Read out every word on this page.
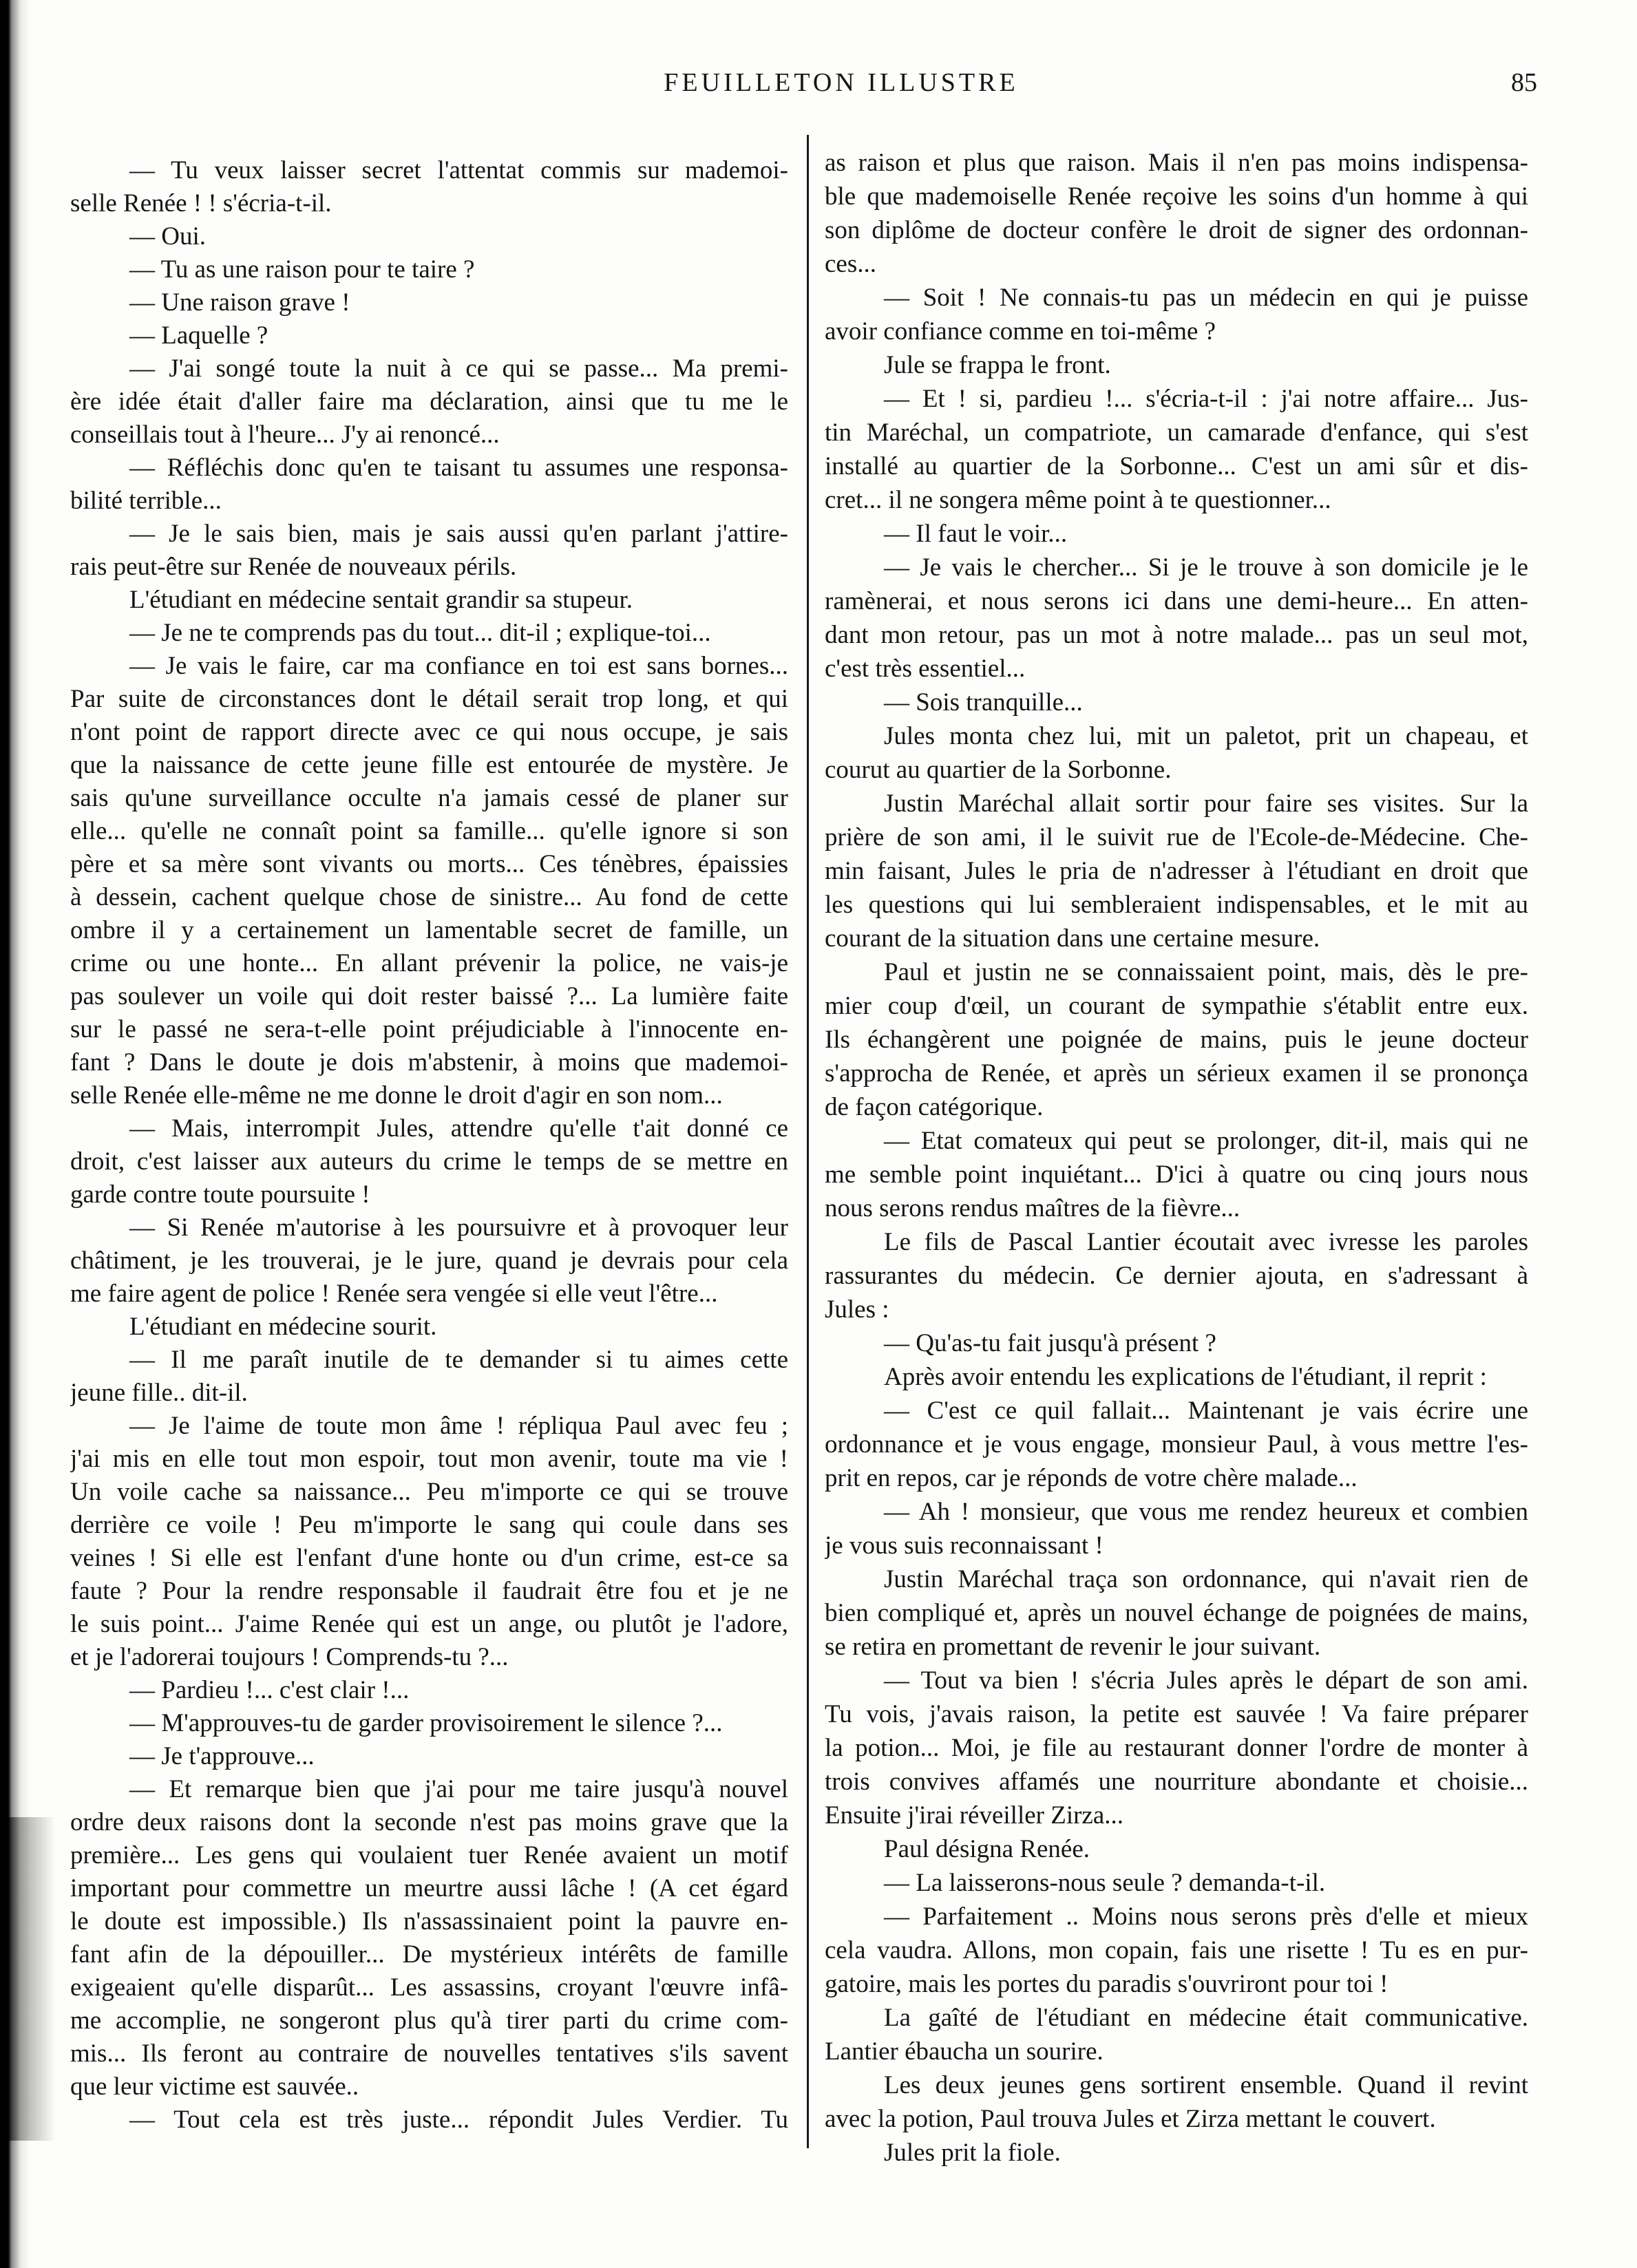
FEUILLETON ILLUSTRE	85
— Tu veux laisser secret l'attentat commis sur mademoi-
selle Renée ! ! s'écria-t-il.
— Oui.
— Tu as une raison pour te taire ?
— Une raison grave !
— Laquelle ?
— J'ai songé toute la nuit à ce qui se passe... Ma premi-
ère idée était d'aller faire ma déclaration, ainsi que tu me le
conseillais tout à l'heure... J'y ai renoncé...
— Réfléchis donc qu'en te taisant tu assumes une responsa-
bilité terrible...
— Je le sais bien, mais je sais aussi qu'en parlant j'attire-
rais peut-être sur Renée de nouveaux périls.
L'étudiant en médecine sentait grandir sa stupeur.
— Je ne te comprends pas du tout... dit-il ; explique-toi...
— Je vais le faire, car ma confiance en toi est sans bornes...
Par suite de circonstances dont le détail serait trop long, et qui
n'ont point de rapport directe avec ce qui nous occupe, je sais
que la naissance de cette jeune fille est entourée de mystère. Je
sais qu'une surveillance occulte n'a jamais cessé de planer sur
elle... qu'elle ne connaît point sa famille... qu'elle ignore si son
père et sa mère sont vivants ou morts... Ces ténèbres, épaissies
à dessein, cachent quelque chose de sinistre... Au fond de cette
ombre il y a certainement un lamentable secret de famille, un
crime ou une honte... En allant prévenir la police, ne vais-je
pas soulever un voile qui doit rester baissé ?... La lumière faite
sur le passé ne sera-t-elle point préjudiciable à l'innocente en-
fant ? Dans le doute je dois m'abstenir, à moins que mademoi-
selle Renée elle-même ne me donne le droit d'agir en son nom...
— Mais, interrompit Jules, attendre qu'elle t'ait donné ce
droit, c'est laisser aux auteurs du crime le temps de se mettre en
garde contre toute poursuite !
— Si Renée m'autorise à les poursuivre et à provoquer leur
châtiment, je les trouverai, je le jure, quand je devrais pour cela
me faire agent de police ! Renée sera vengée si elle veut l'être...
L'étudiant en médecine sourit.
— Il me paraît inutile de te demander si tu aimes cette
jeune fille.. dit-il.
— Je l'aime de toute mon âme ! répliqua Paul avec feu ;
j'ai mis en elle tout mon espoir, tout mon avenir, toute ma vie !
Un voile cache sa naissance... Peu m'importe ce qui se trouve
derrière ce voile ! Peu m'importe le sang qui coule dans ses
veines ! Si elle est l'enfant d'une honte ou d'un crime, est-ce sa
faute ? Pour la rendre responsable il faudrait être fou et je ne
le suis point... J'aime Renée qui est un ange, ou plutôt je l'adore,
et je l'adorerai toujours ! Comprends-tu ?...
— Pardieu !... c'est clair !...
— M'approuves-tu de garder provisoirement le silence ?...
— Je t'approuve...
— Et remarque bien que j'ai pour me taire jusqu'à nouvel
ordre deux raisons dont la seconde n'est pas moins grave que la
première... Les gens qui voulaient tuer Renée avaient un motif
important pour commettre un meurtre aussi lâche ! (A cet égard
le doute est impossible.) Ils n'assassinaient point la pauvre en-
fant afin de la dépouiller... De mystérieux intérêts de famille
exigeaient qu'elle disparût... Les assassins, croyant l'œuvre infâ-
me accomplie, ne songeront plus qu'à tirer parti du crime com-
mis... Ils feront au contraire de nouvelles tentatives s'ils savent
que leur victime est sauvée..
— Tout cela est très juste... répondit Jules Verdier. Tu
as raison et plus que raison. Mais il n'en pas moins indispensa-
ble que mademoiselle Renée reçoive les soins d'un homme à qui
son diplôme de docteur confère le droit de signer des ordonnan-
ces...
— Soit ! Ne connais-tu pas un médecin en qui je puisse
avoir confiance comme en toi-même ?
Jule se frappa le front.
— Et ! si, pardieu !... s'écria-t-il : j'ai notre affaire... Jus-
tin Maréchal, un compatriote, un camarade d'enfance, qui s'est
installé au quartier de la Sorbonne... C'est un ami sûr et dis-
cret... il ne songera même point à te questionner...
— Il faut le voir...
— Je vais le chercher... Si je le trouve à son domicile je le
ramènerai, et nous serons ici dans une demi-heure... En atten-
dant mon retour, pas un mot à notre malade... pas un seul mot,
c'est très essentiel...
— Sois tranquille...
Jules monta chez lui, mit un paletot, prit un chapeau, et
courut au quartier de la Sorbonne.
Justin Maréchal allait sortir pour faire ses visites. Sur la
prière de son ami, il le suivit rue de l'Ecole-de-Médecine. Che-
min faisant, Jules le pria de n'adresser à l'étudiant en droit que
les questions qui lui sembleraient indispensables, et le mit au
courant de la situation dans une certaine mesure.
Paul et justin ne se connaissaient point, mais, dès le pre-
mier coup d'œil, un courant de sympathie s'établit entre eux.
Ils échangèrent une poignée de mains, puis le jeune docteur
s'approcha de Renée, et après un sérieux examen il se prononça
de façon catégorique.
— Etat comateux qui peut se prolonger, dit-il, mais qui ne
me semble point inquiétant... D'ici à quatre ou cinq jours nous
nous serons rendus maîtres de la fièvre...
Le fils de Pascal Lantier écoutait avec ivresse les paroles
rassurantes du médecin. Ce dernier ajouta, en s'adressant à
Jules :
— Qu'as-tu fait jusqu'à présent ?
Après avoir entendu les explications de l'étudiant, il reprit :
— C'est ce quil fallait... Maintenant je vais écrire une
ordonnance et je vous engage, monsieur Paul, à vous mettre l'es-
prit en repos, car je réponds de votre chère malade...
— Ah ! monsieur, que vous me rendez heureux et combien
je vous suis reconnaissant !
Justin Maréchal traça son ordonnance, qui n'avait rien de
bien compliqué et, après un nouvel échange de poignées de mains,
se retira en promettant de revenir le jour suivant.
— Tout va bien ! s'écria Jules après le départ de son ami.
Tu vois, j'avais raison, la petite est sauvée ! Va faire préparer
la potion... Moi, je file au restaurant donner l'ordre de monter à
trois convives affamés une nourriture abondante et choisie...
Ensuite j'irai réveiller Zirza...
Paul désigna Renée.
— La laisserons-nous seule ? demanda-t-il.
— Parfaitement .. Moins nous serons près d'elle et mieux
cela vaudra. Allons, mon copain, fais une risette ! Tu es en pur-
gatoire, mais les portes du paradis s'ouvriront pour toi !
La gaîté de l'étudiant en médecine était communicative.
Lantier ébaucha un sourire.
Les deux jeunes gens sortirent ensemble. Quand il revint
avec la potion, Paul trouva Jules et Zirza mettant le couvert.
Jules prit la fiole.
